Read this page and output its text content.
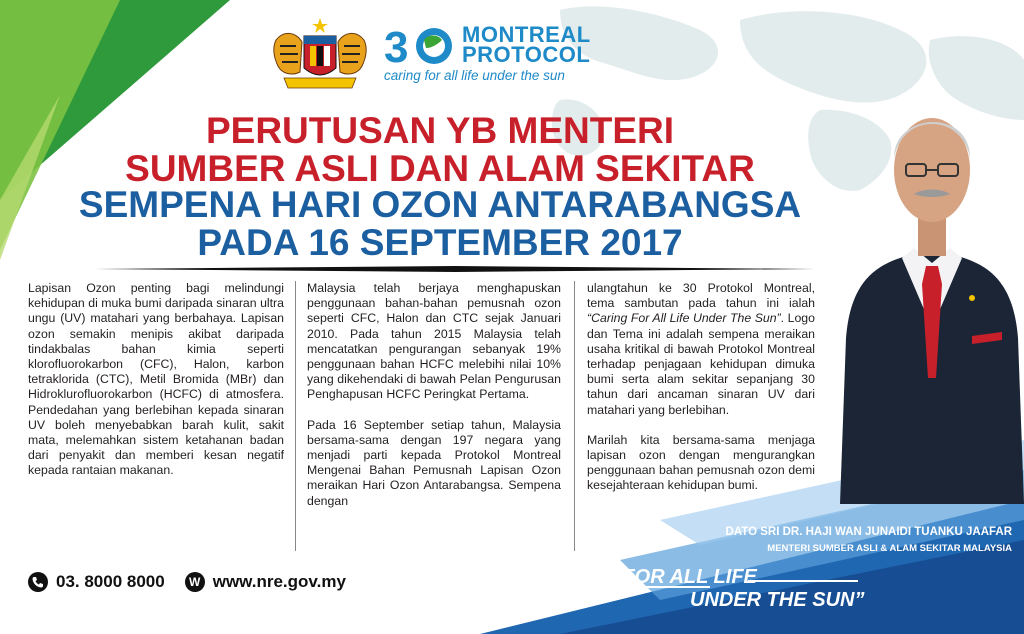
3 MONTREAL
PROTOCOL
caring for all life under the sun
PERUTUSAN YB MENTERI
SUMBER ASLI DAN ALAM SEKITAR
SEMPENA HARI OZON ANTARABANGSA
PADA 16 SEPTEMBER 2017

Lapisan Ozon penting bagi melindungi kehidupan di muka bumi daripada sinaran ultra ungu (UV) matahari yang berbahaya. Lapisan ozon semakin menipis akibat daripada tindakbalas bahan kimia seperti klorofluorokarbon (CFC), Halon, karbon tetraklorida (CTC), Metil Bromida (MBr) dan Hidroklurofluorokarbon (HCFC) di atmosfera. Pendedahan yang berlebihan kepada sinaran UV boleh menyebabkan barah kulit, sakit mata, melemahkan sistem ketahanan badan dari penyakit dan memberi kesan negatif kepada rantaian makanan.

Malaysia telah berjaya menghapuskan penggunaan bahan-bahan pemusnah ozon seperti CFC, Halon dan CTC sejak Januari 2010. Pada tahun 2015 Malaysia telah mencatatkan pengurangan sebanyak 19% penggunaan bahan HCFC melebihi nilai 10% yang dikehendaki di bawah Pelan Pengurusan Penghapusan HCFC Peringkat Pertama.

Pada 16 September setiap tahun, Malaysia bersama-sama dengan 197 negara yang menjadi parti kepada Protokol Montreal Mengenai Bahan Pemusnah Lapisan Ozon meraikan Hari Ozon Antarabangsa. Sempena dengan

ulangtahun ke 30 Protokol Montreal, tema sambutan pada tahun ini ialah “Caring For All Life Under The Sun”. Logo dan Tema ini adalah sempena meraikan usaha kritikal di bawah Protokol Montreal terhadap penjagaan kehidupan dimuka bumi serta alam sekitar sepanjang 30 tahun dari ancaman sinaran UV dari matahari yang berlebihan.

Marilah kita bersama-sama menjaga lapisan ozon dengan mengurangkan penggunaan bahan pemusnah ozon demi kesejahteraan kehidupan bumi.

03. 8000 8000	W www.nre.gov.my
DATO SRI DR. HAJI WAN JUNAIDI TUANKU JAAFAR
MENTERI SUMBER ASLI & ALAM SEKITAR MALAYSIA
“CARING FOR ALL LIFE
UNDER THE SUN”
